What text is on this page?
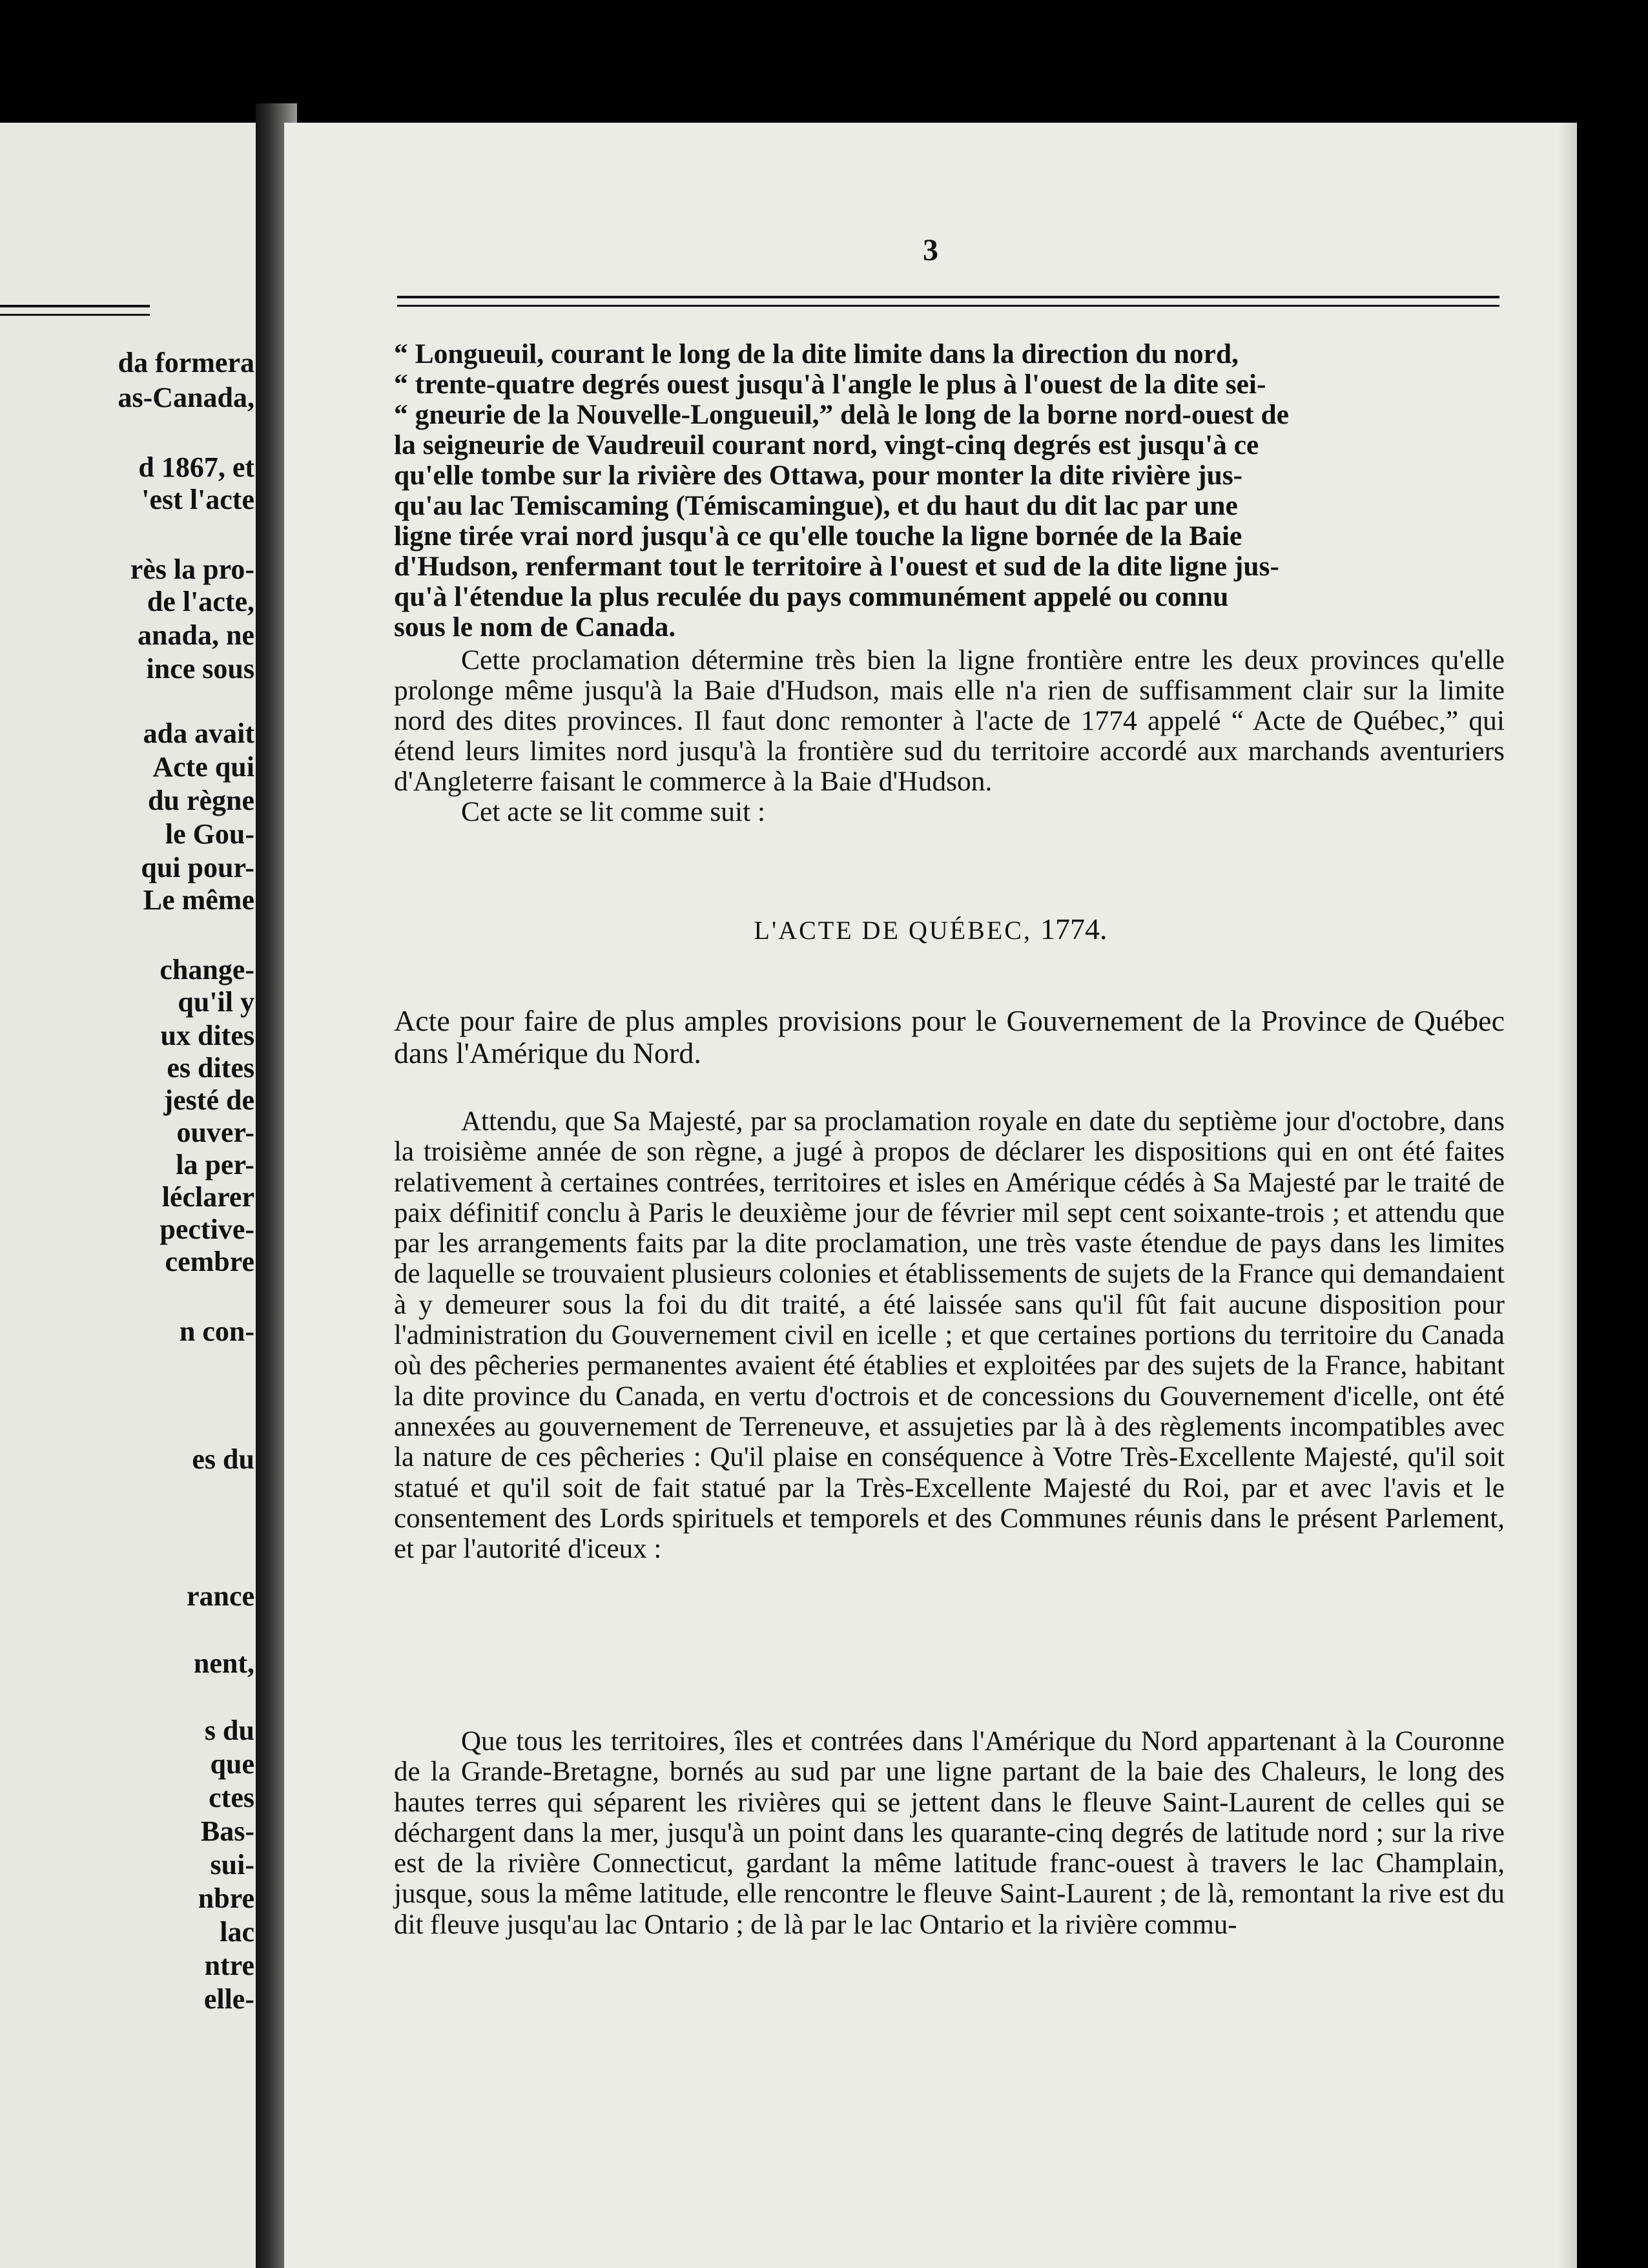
da formera
as-Canada,
d 1867, et
'est l'acte
rès la pro-
de l'acte,
anada, ne
ince sous
ada avait
Acte qui
du règne
le Gou-
qui pour-
Le même
change-
qu'il y
ux dites
es dites
jesté de
ouver-
la per-
léclarer
pective-
cembre
n con-
es du
rance
nent,
s du
que
ctes
Bas-
sui-
nbre
lac
ntre
elle-
3
“ Longueuil, courant le long de la dite limite dans la direction du nord,
“ trente-quatre degrés ouest jusqu'à l'angle le plus à l'ouest de la dite sei-
“ gneurie de la Nouvelle-Longueuil,” delà le long de la borne nord-ouest de
la seigneurie de Vaudreuil courant nord, vingt-cinq degrés est jusqu'à ce
qu'elle tombe sur la rivière des Ottawa, pour monter la dite rivière jus-
qu'au lac Temiscaming (Témiscamingue), et du haut du dit lac par une
ligne tirée vrai nord jusqu'à ce qu'elle touche la ligne bornée de la Baie
d'Hudson, renfermant tout le territoire à l'ouest et sud de la dite ligne jus-
qu'à l'étendue la plus reculée du pays communément appelé ou connu
sous le nom de Canada.

Cette proclamation détermine très bien la ligne frontière entre les deux provinces qu'elle prolonge même jusqu'à la Baie d'Hudson, mais elle n'a rien de suffisamment clair sur la limite nord des dites provinces. Il faut donc remonter à l'acte de 1774 appelé “ Acte de Québec,” qui étend leurs limites nord jusqu'à la frontière sud du territoire accordé aux marchands aventuriers d'Angleterre faisant le commerce à la Baie d'Hudson.

Cet acte se lit comme suit :

L'ACTE DE QUÉBEC, 1774.

Acte pour faire de plus amples provisions pour le Gouvernement de la Province de Québec dans l'Amérique du Nord.

Attendu, que Sa Majesté, par sa proclamation royale en date du septième jour d'octobre, dans la troisième année de son règne, a jugé à propos de déclarer les dispositions qui en ont été faites relativement à certaines contrées, territoires et isles en Amérique cédés à Sa Majesté par le traité de paix définitif conclu à Paris le deuxième jour de février mil sept cent soixante-trois ; et attendu que par les arrangements faits par la dite proclamation, une très vaste étendue de pays dans les limites de laquelle se trouvaient plusieurs colonies et établissements de sujets de la France qui demandaient à y demeurer sous la foi du dit traité, a été laissée sans qu'il fût fait aucune disposition pour l'administration du Gouvernement civil en icelle ; et que certaines portions du territoire du Canada où des pêcheries permanentes avaient été établies et exploitées par des sujets de la France, habitant la dite province du Canada, en vertu d'octrois et de concessions du Gouvernement d'icelle, ont été annexées au gouvernement de Terreneuve, et assujeties par là à des règlements incompatibles avec la nature de ces pêcheries : Qu'il plaise en conséquence à Votre Très-Excellente Majesté, qu'il soit statué et qu'il soit de fait statué par la Très-Excellente Majesté du Roi, par et avec l'avis et le consentement des Lords spirituels et temporels et des Communes réunis dans le présent Parlement, et par l'autorité d'iceux :

Que tous les territoires, îles et contrées dans l'Amérique du Nord appartenant à la Couronne de la Grande-Bretagne, bornés au sud par une ligne partant de la baie des Chaleurs, le long des hautes terres qui séparent les rivières qui se jettent dans le fleuve Saint-Laurent de celles qui se déchargent dans la mer, jusqu'à un point dans les quarante-cinq degrés de latitude nord ; sur la rive est de la rivière Connecticut, gardant la même latitude franc-ouest à travers le lac Champlain, jusque, sous la même latitude, elle rencontre le fleuve Saint-Laurent ; de là, remontant la rive est du dit fleuve jusqu'au lac Ontario ; de là par le lac Ontario et la rivière commu-
